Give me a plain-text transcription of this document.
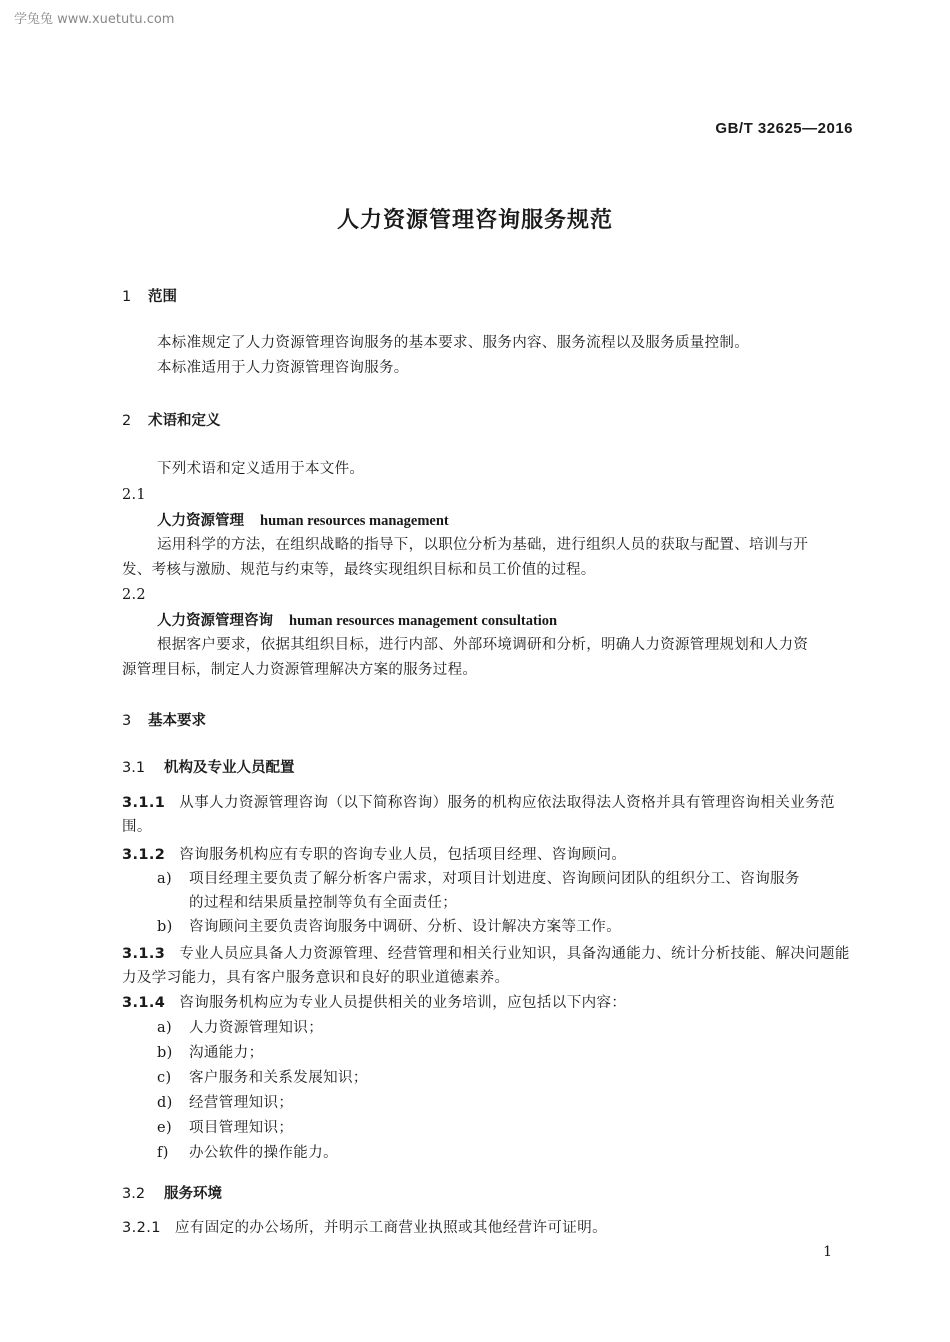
学兔兔 www.xuetutu.com
GB/T 32625—2016
人力资源管理咨询服务规范
1 范围
本标准规定了人力资源管理咨询服务的基本要求、服务内容、服务流程以及服务质量控制。
本标准适用于人力资源管理咨询服务。
2 术语和定义
下列术语和定义适用于本文件。
2.1
人力资源管理 human resources management
运用科学的方法，在组织战略的指导下，以职位分析为基础，进行组织人员的获取与配置、培训与开
发、考核与激励、规范与约束等，最终实现组织目标和员工价值的过程。
2.2
人力资源管理咨询 human resources management consultation
根据客户要求，依据其组织目标，进行内部、外部环境调研和分析，明确人力资源管理规划和人力资
源管理目标，制定人力资源管理解决方案的服务过程。
3 基本要求
3.1 机构及专业人员配置
3.1.1 从事人力资源管理咨询（以下简称咨询）服务的机构应依法取得法人资格并具有管理咨询相关业务范围。
3.1.2 咨询服务机构应有专职的咨询专业人员，包括项目经理、咨询顾问。
a) 项目经理主要负责了解分析客户需求，对项目计划进度、咨询顾问团队的组织分工、咨询服务
的过程和结果质量控制等负有全面责任；
b) 咨询顾问主要负责咨询服务中调研、分析、设计解决方案等工作。
3.1.3 专业人员应具备人力资源管理、经营管理和相关行业知识，具备沟通能力、统计分析技能、解决问题能力及学习能力，具有客户服务意识和良好的职业道德素养。
3.1.4 咨询服务机构应为专业人员提供相关的业务培训，应包括以下内容：
a) 人力资源管理知识；
b) 沟通能力；
c) 客户服务和关系发展知识；
d) 经营管理知识；
e) 项目管理知识；
f) 办公软件的操作能力。
3.2 服务环境
3.2.1 应有固定的办公场所，并明示工商营业执照或其他经营许可证明。
1
